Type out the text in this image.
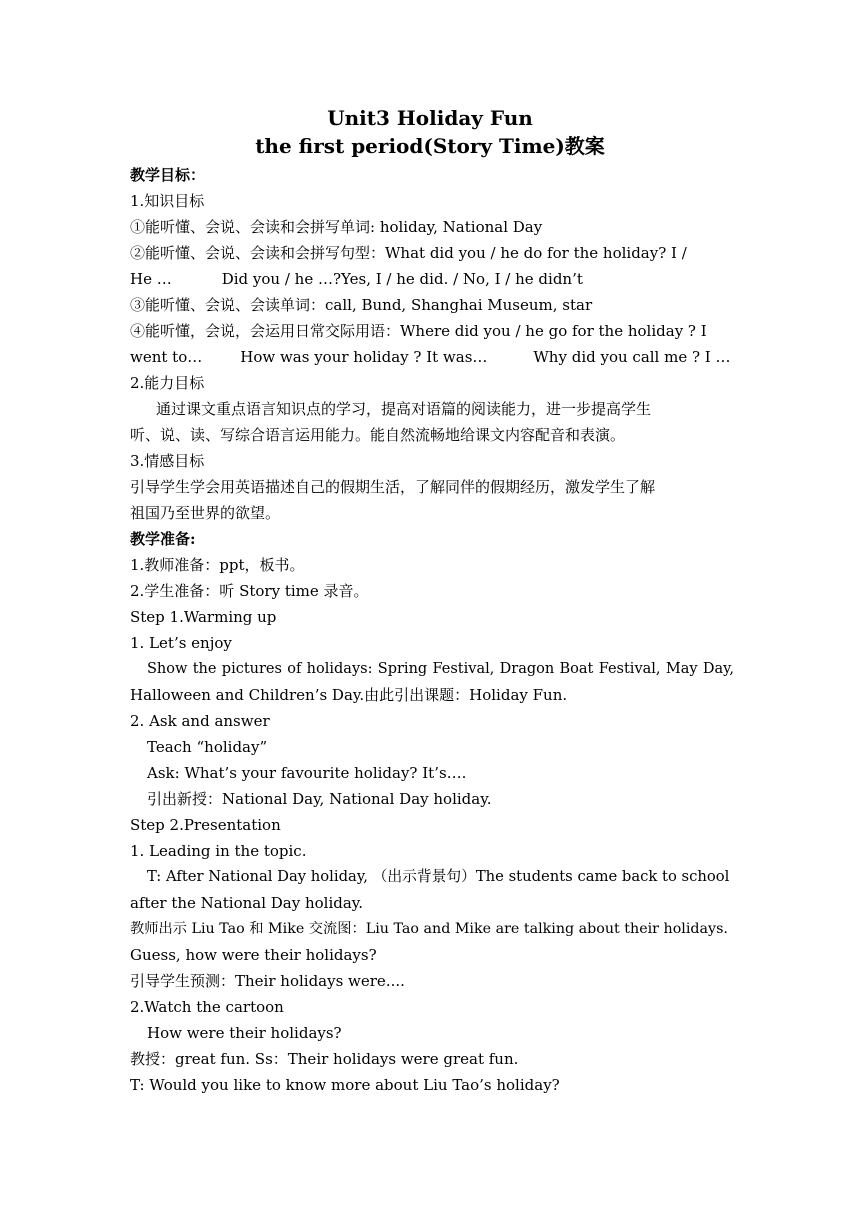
Unit3 Holiday Fun
the first period(Story Time)教案
教学目标：
1.知识目标
①能听懂、会说、会读和会拼写单词: holiday, National Day
②能听懂、会说、会读和会拼写句型：What did you / he do for the holiday? I /
He …	Did you / he …?Yes, I / he did. / No, I / he didn’t
③能听懂、会说、会读单词：call, Bund, Shanghai Museum, star
④能听懂，会说，会运用日常交际用语：Where did you / he go for the holiday ? I
went to…	How was your holiday ? It was…	Why did you call me ? I …
2.能力目标
通过课文重点语言知识点的学习，提高对语篇的阅读能力，进一步提高学生
听、说、读、写综合语言运用能力。能自然流畅地给课文内容配音和表演。
3.情感目标
引导学生学会用英语描述自己的假期生活，了解同伴的假期经历，激发学生了解
祖国乃至世界的欲望。
教学准备:
1.教师准备：ppt，板书。
2.学生准备：听 Story time 录音。
Step 1.Warming up
1. Let’s enjoy
Show the pictures of holidays: Spring Festival, Dragon Boat Festival, May Day,
Halloween and Children’s Day.由此引出课题：Holiday Fun.
2. Ask and answer
Teach “holiday”
Ask: What’s your favourite holiday? It’s….
引出新授：National Day, National Day holiday.
Step 2.Presentation
1. Leading in the topic.
T: After National Day holiday, （出示背景句）The students came back to school
after the National Day holiday.
教师出示 Liu Tao 和 Mike 交流图：Liu Tao and Mike are talking about their holidays.
Guess, how were their holidays?
引导学生预测：Their holidays were....
2.Watch the cartoon
How were their holidays?
教授：great fun. Ss：Their holidays were great fun.
T: Would you like to know more about Liu Tao’s holiday?
